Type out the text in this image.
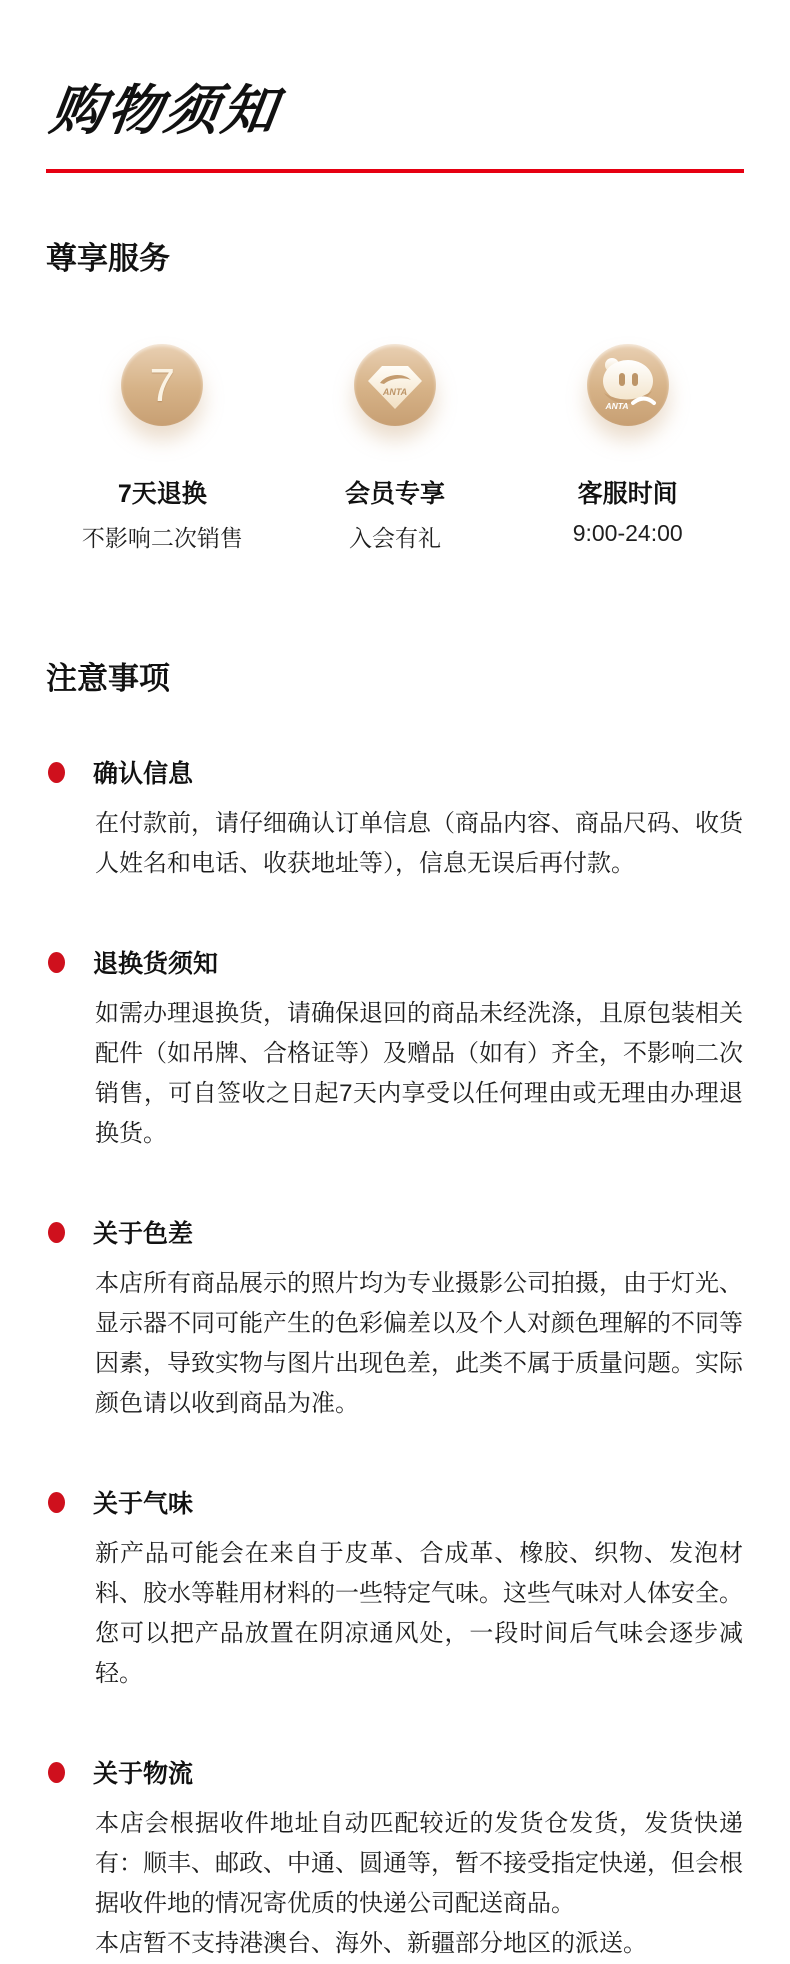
购物须知
尊享服务
7
7天退换
不影响二次销售
ANTA
会员专享
入会有礼
ANTA
客服时间
9:00-24:00
注意事项
确认信息

在付款前，请仔细确认订单信息（商品内容、商品尺码、收货人姓名和电话、收获地址等），信息无误后再付款。

退换货须知

如需办理退换货，请确保退回的商品未经洗涤，且原包装相关配件（如吊牌、合格证等）及赠品（如有）齐全，不影响二次销售，可自签收之日起7天内享受以任何理由或无理由办理退换货。

关于色差

本店所有商品展示的照片均为专业摄影公司拍摄，由于灯光、显示器不同可能产生的色彩偏差以及个人对颜色理解的不同等因素，导致实物与图片出现色差，此类不属于质量问题。实际颜色请以收到商品为准。

关于气味

新产品可能会在来自于皮革、合成革、橡胶、织物、发泡材料、胶水等鞋用材料的一些特定气味。这些气味对人体安全。您可以把产品放置在阴凉通风处，一段时间后气味会逐步减轻。

关于物流

本店会根据收件地址自动匹配较近的发货仓发货，发货快递有：顺丰、邮政、中通、圆通等，暂不接受指定快递，但会根据收件地的情况寄优质的快递公司配送商品。

本店暂不支持港澳台、海外、新疆部分地区的派送。
